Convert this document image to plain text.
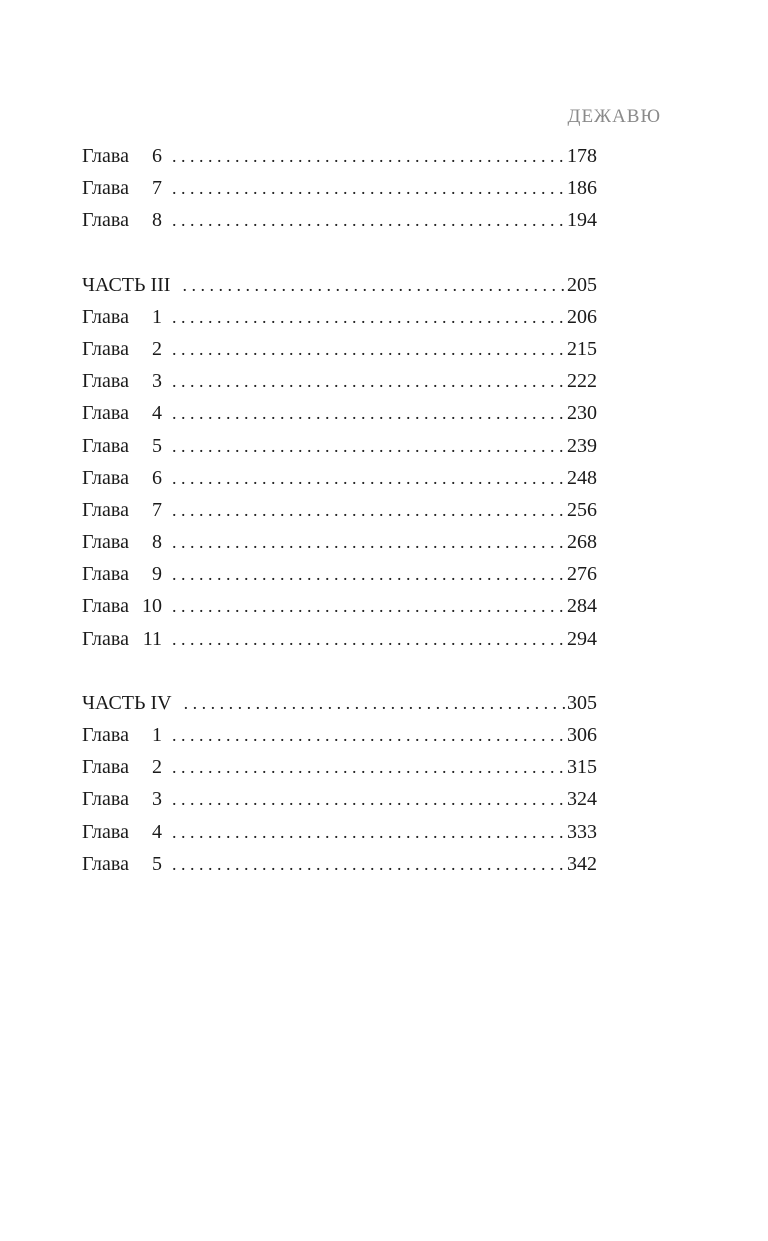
ДЕЖАВЮ
Глава 6 . . .	178
Глава 7 . . .	186
Глава 8 . . .	194
ЧАСТЬ III . . .	205
Глава 1 . . .	206
Глава 2 . . .	215
Глава 3 . . .	222
Глава 4 . . .	230
Глава 5 . . .	239
Глава 6 . . .	248
Глава 7 . . .	256
Глава 8 . . .	268
Глава 9 . . .	276
Глава 10 . . .	284
Глава 11 . . .	294
ЧАСТЬ IV . . .	305
Глава 1 . . .	306
Глава 2 . . .	315
Глава 3 . . .	324
Глава 4 . . .	333
Глава 5 . . .	342
